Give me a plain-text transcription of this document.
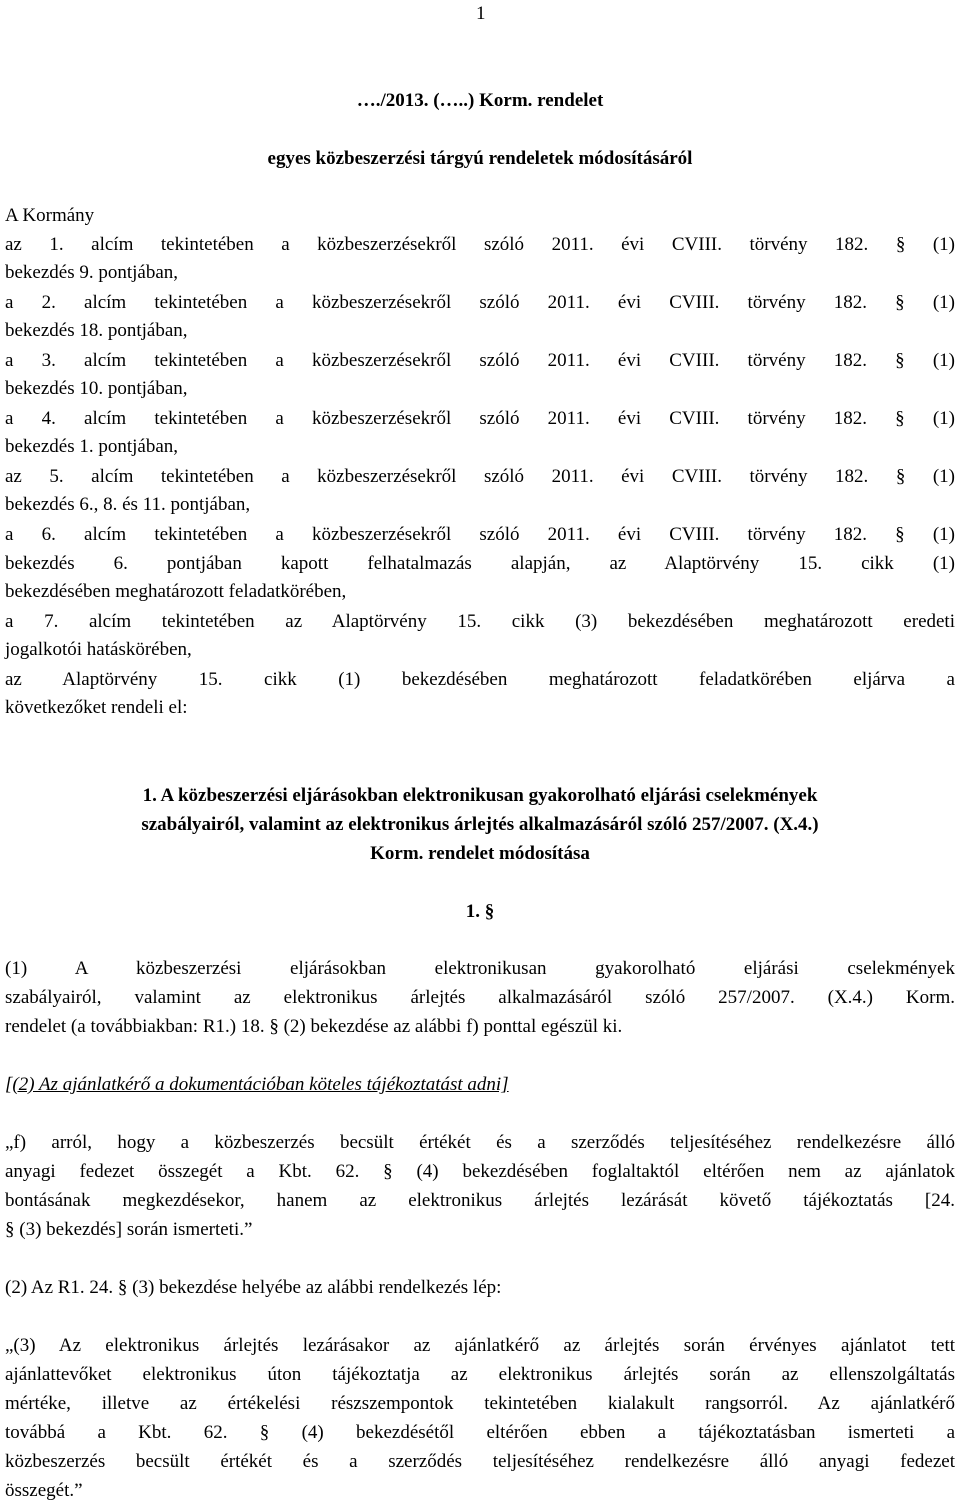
1
…./2013. (…..) Korm. rendelet
egyes közbeszerzési tárgyú rendeletek módosításáról
A Kormány
az 1. alcím tekintetében a közbeszerzésekről szóló 2011. évi CVIII. törvény 182. § (1)
bekezdés 9. pontjában,
a 2. alcím tekintetében a közbeszerzésekről szóló 2011. évi CVIII. törvény 182. § (1)
bekezdés 18. pontjában,
a 3. alcím tekintetében a közbeszerzésekről szóló 2011. évi CVIII. törvény 182. § (1)
bekezdés 10. pontjában,
a 4. alcím tekintetében a közbeszerzésekről szóló 2011. évi CVIII. törvény 182. § (1)
bekezdés 1. pontjában,
az 5. alcím tekintetében a közbeszerzésekről szóló 2011. évi CVIII. törvény 182. § (1)
bekezdés 6., 8. és 11. pontjában,
a 6. alcím tekintetében a közbeszerzésekről szóló 2011. évi CVIII. törvény 182. § (1)
bekezdés 6. pontjában kapott felhatalmazás alapján, az Alaptörvény 15. cikk (1)
bekezdésében meghatározott feladatkörében,
a 7. alcím tekintetében az Alaptörvény 15. cikk (3) bekezdésében meghatározott eredeti
jogalkotói hatáskörében,
az Alaptörvény 15. cikk (1) bekezdésében meghatározott feladatkörében eljárva a
következőket rendeli el:
1. A közbeszerzési eljárásokban elektronikusan gyakorolható eljárási cselekmények
szabályairól, valamint az elektronikus árlejtés alkalmazásáról szóló 257/2007. (X.4.)
Korm. rendelet módosítása
1. §
(1) A közbeszerzési eljárásokban elektronikusan gyakorolható eljárási cselekmények
szabályairól, valamint az elektronikus árlejtés alkalmazásáról szóló 257/2007. (X.4.) Korm.
rendelet (a továbbiakban: R1.) 18. § (2) bekezdése az alábbi f) ponttal egészül ki.
[(2) Az ajánlatkérő a dokumentációban köteles tájékoztatást adni]
„f) arról, hogy a közbeszerzés becsült értékét és a szerződés teljesítéséhez rendelkezésre álló
anyagi fedezet összegét a Kbt. 62. § (4) bekezdésében foglaltaktól eltérően nem az ajánlatok
bontásának megkezdésekor, hanem az elektronikus árlejtés lezárását követő tájékoztatás [24.
§ (3) bekezdés] során ismerteti.”
(2) Az R1. 24. § (3) bekezdése helyébe az alábbi rendelkezés lép:
„(3) Az elektronikus árlejtés lezárásakor az ajánlatkérő az árlejtés során érvényes ajánlatot tett
ajánlattevőket elektronikus úton tájékoztatja az elektronikus árlejtés során az ellenszolgáltatás
mértéke, illetve az értékelési részszempontok tekintetében kialakult rangsorról. Az ajánlatkérő
továbbá a Kbt. 62. § (4) bekezdésétől eltérően ebben a tájékoztatásban ismerteti a
közbeszerzés becsült értékét és a szerződés teljesítéséhez rendelkezésre álló anyagi fedezet
összegét.”
